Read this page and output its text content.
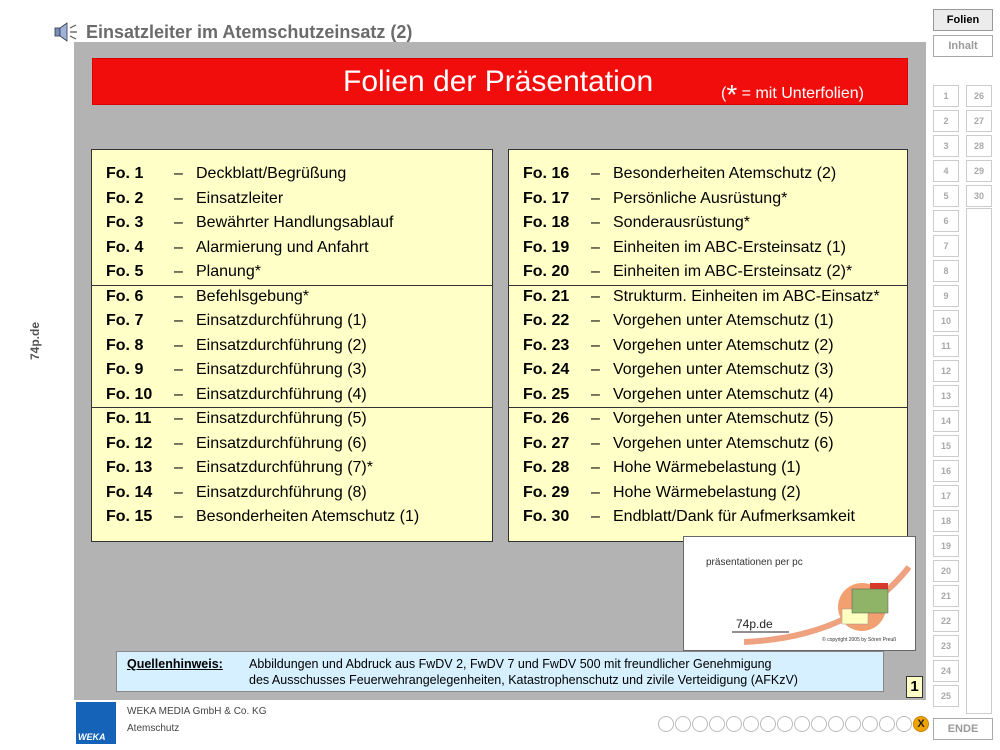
Einsatzleiter im Atemschutzeinsatz (2)
Folien der Präsentation	(* = mit Unterfolien)
Fo. 1	– Deckblatt/Begrüßung
Fo. 2	– Einsatzleiter
Fo. 3	– Bewährter Handlungsablauf
Fo. 4	– Alarmierung und Anfahrt
Fo. 5	– Planung*
Fo. 6	– Befehlsgebung*
Fo. 7	– Einsatzdurchführung (1)
Fo. 8	– Einsatzdurchführung (2)
Fo. 9	– Einsatzdurchführung (3)
Fo. 10	– Einsatzdurchführung (4)
Fo. 11	– Einsatzdurchführung (5)
Fo. 12	– Einsatzdurchführung (6)
Fo. 13	– Einsatzdurchführung (7)*
Fo. 14	– Einsatzdurchführung (8)
Fo. 15	– Besonderheiten Atemschutz (1)
Fo. 16	– Besonderheiten Atemschutz (2)
Fo. 17	– Persönliche Ausrüstung*
Fo. 18	– Sonderausrüstung*
Fo. 19	– Einheiten im ABC-Ersteinsatz (1)
Fo. 20	– Einheiten im ABC-Ersteinsatz (2)*
Fo. 21	– Strukturm. Einheiten im ABC-Einsatz*
Fo. 22	– Vorgehen unter Atemschutz (1)
Fo. 23	– Vorgehen unter Atemschutz (2)
Fo. 24	– Vorgehen unter Atemschutz (3)
Fo. 25	– Vorgehen unter Atemschutz (4)
Fo. 26	– Vorgehen unter Atemschutz (5)
Fo. 27	– Vorgehen unter Atemschutz (6)
Fo. 28	– Hohe Wärmebelastung (1)
Fo. 29	– Hohe Wärmebelastung (2)
Fo. 30	– Endblatt/Dank für Aufmerksamkeit
präsentationen per pc
74p.de
© copyright 2005 by Sören Preuß
Quellenhinweis: Abbildungen und Abdruck aus FwDV 2, FwDV 7 und FwDV 500 mit freundlicher Genehmigung
des Ausschusses Feuerwehrangelegenheiten, Katastrophenschutz und zivile Verteidigung (AFKzV)	1
74p.de
Folien
Inhalt
1
2
3
4
5
6
7
8
9
10
11
12
13
14
15
16
17
18
19
20
21
22
23
24
25
26
27
28
29
30
ENDE
WEKA
WEKA MEDIA GmbH & Co. KG
Atemschutz	X
